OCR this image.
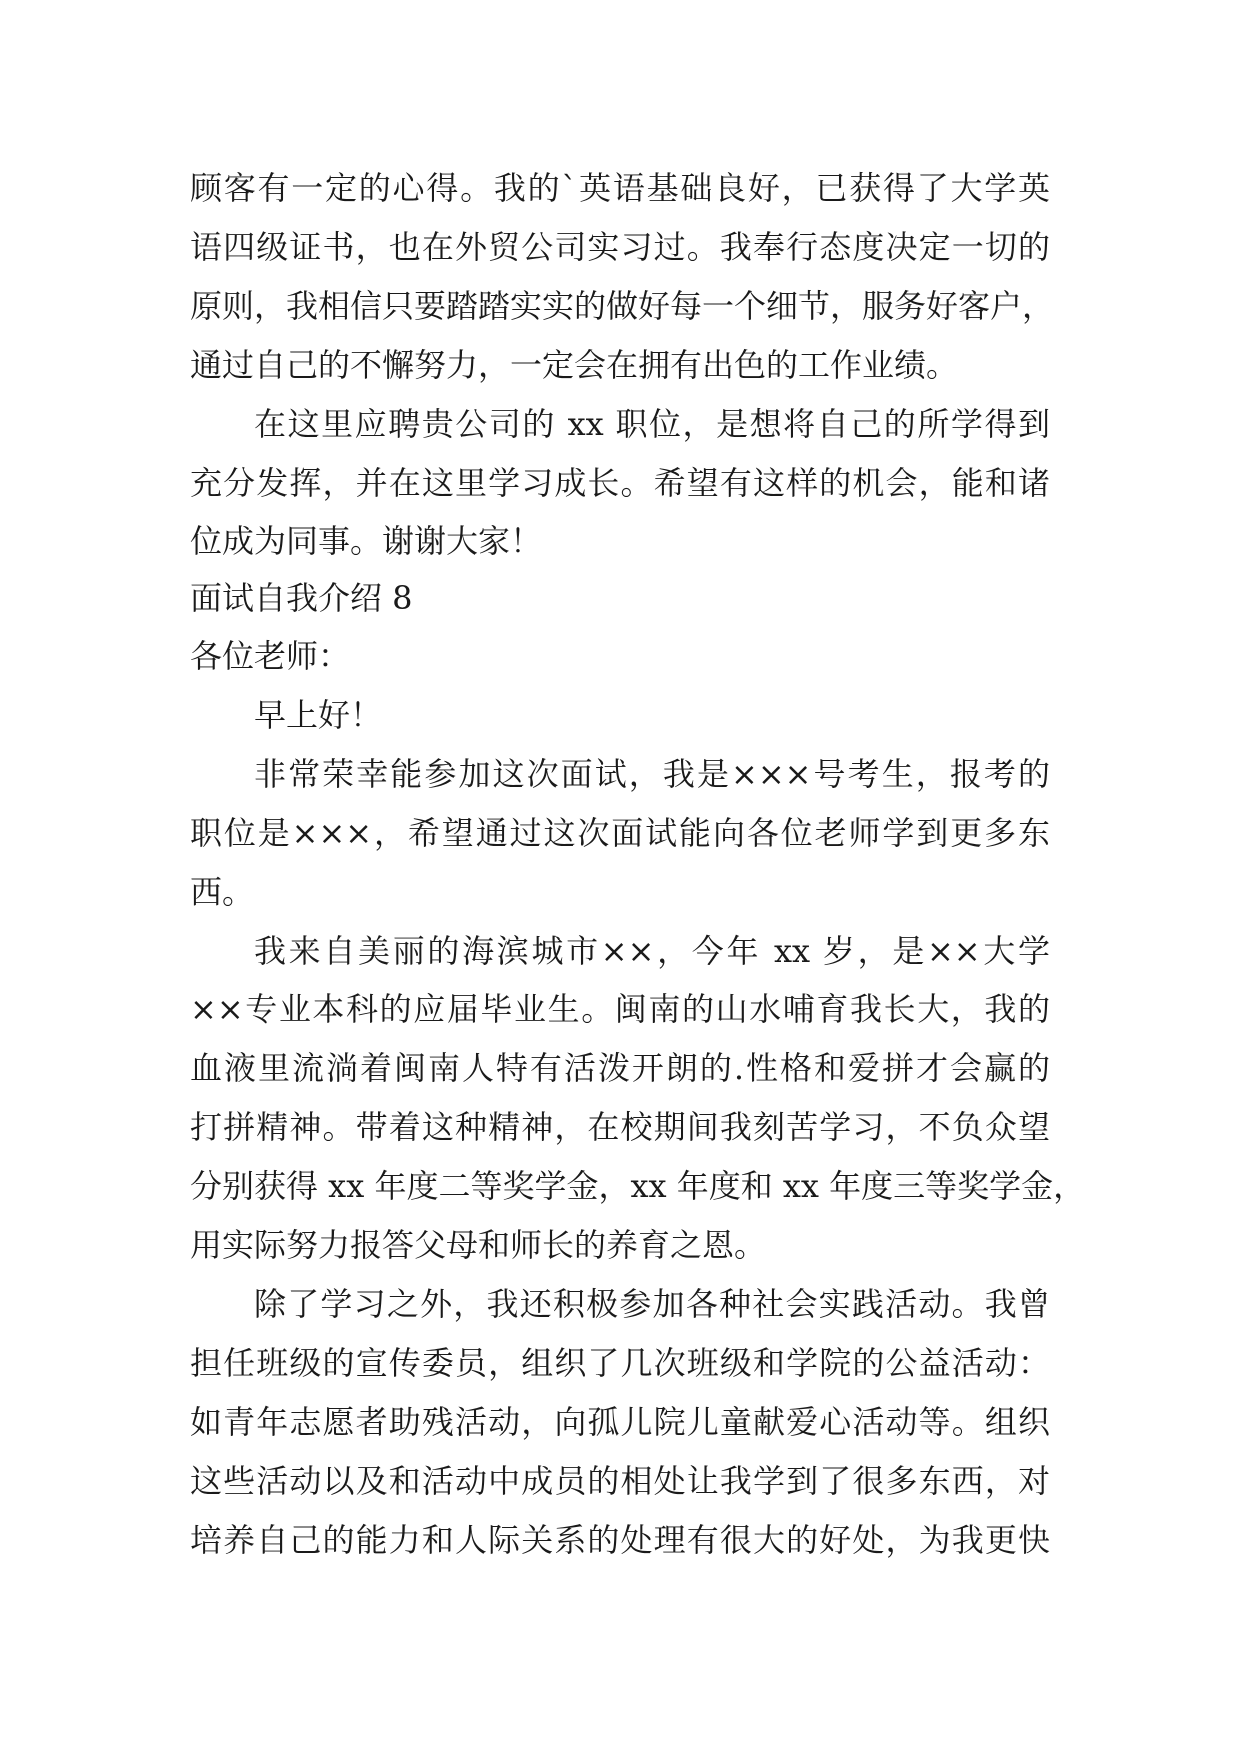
顾客有一定的心得。我的`英语基础良好，已获得了大学英
语四级证书，也在外贸公司实习过。我奉行态度决定一切的
原则，我相信只要踏踏实实的做好每一个细节，服务好客户，
通过自己的不懈努力，一定会在拥有出色的工作业绩。
在这里应聘贵公司的 xx 职位，是想将自己的所学得到
充分发挥，并在这里学习成长。希望有这样的机会，能和诸
位成为同事。谢谢大家！
面试自我介绍 8
各位老师：
早上好！
非常荣幸能参加这次面试，我是×××号考生，报考的
职位是×××，希望通过这次面试能向各位老师学到更多东
西。
我来自美丽的海滨城市××，今年 xx 岁，是××大学
××专业本科的应届毕业生。闽南的山水哺育我长大，我的
血液里流淌着闽南人特有活泼开朗的.性格和爱拼才会赢的
打拼精神。带着这种精神，在校期间我刻苦学习，不负众望
分别获得 xx 年度二等奖学金，xx 年度和 xx 年度三等奖学金，
用实际努力报答父母和师长的养育之恩。
除了学习之外，我还积极参加各种社会实践活动。我曾
担任班级的宣传委员，组织了几次班级和学院的公益活动：
如青年志愿者助残活动，向孤儿院儿童献爱心活动等。组织
这些活动以及和活动中成员的相处让我学到了很多东西，对
培养自己的能力和人际关系的处理有很大的好处，为我更快
